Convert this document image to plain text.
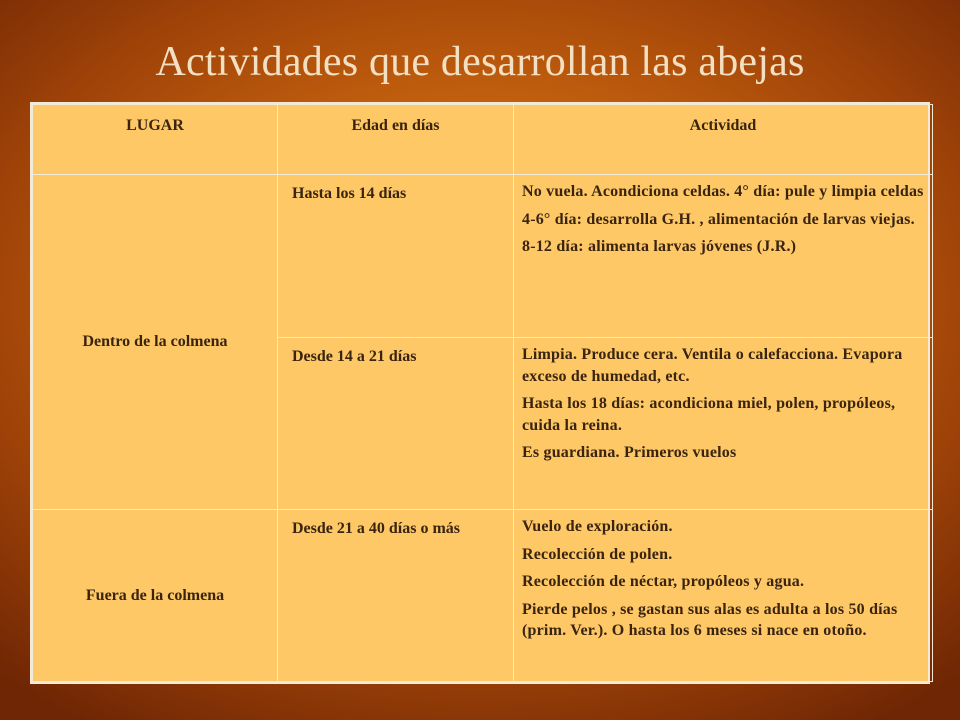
Actividades que desarrollan las abejas
LUGAR	Edad en días	Actividad
Dentro de la colmena	Hasta los 14 días	No vuela. Acondiciona celdas. 4° día: pule y limpia celdas

4-6° día: desarrolla G.H. , alimentación de larvas viejas.

8-12 día: alimenta larvas jóvenes (J.R.)

	Desde 14 a 21 días	Limpia. Produce cera. Ventila o calefacciona. Evapora exceso de humedad, etc.

Hasta los 18 días: acondiciona miel, polen, propóleos, cuida la reina.

Es guardiana. Primeros vuelos

Fuera de la colmena	Desde 21 a 40 días o más	Vuelo de exploración.

Recolección de polen.

Recolección de néctar, propóleos y agua.

Pierde pelos , se gastan sus alas es adulta a los 50 días (prim. Ver.). O hasta los 6 meses si nace en otoño.
